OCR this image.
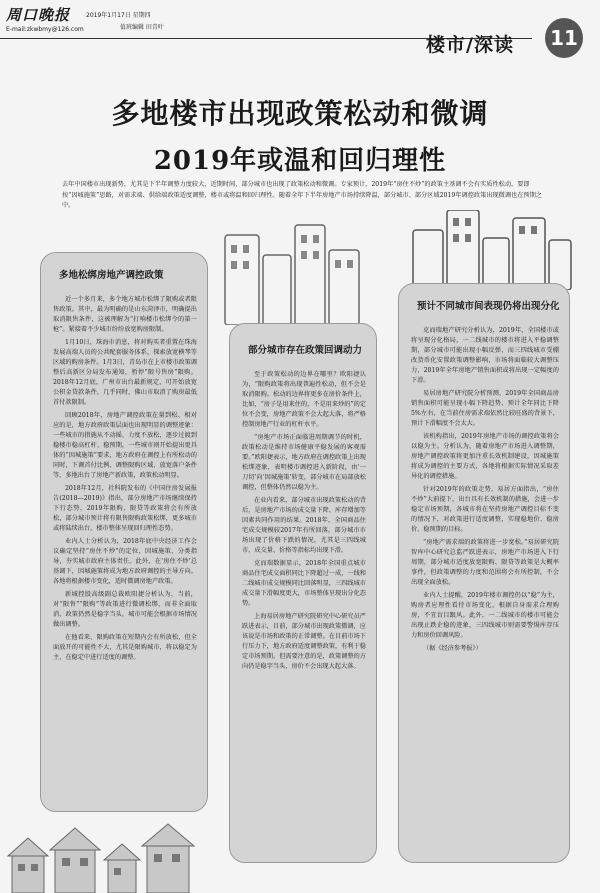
周口晚报
E-mail:zkwbmy@126.com
2019年1月17日 星期四
值班编辑 田青叶
楼市/深读 11
多地楼市出现政策松动和微调
2019年或温和回归理性
去年中国楼市出现新势，尤其是下半年调整力度较大，近期时间，部分城市也出现了政策松动和微调。专家预计，2019年“房住不炒”的政策主基调不会有实质性松动，要即按“因城施策”思路，对需求端、供给端政策适度调整，楼市或将温和回归理性。随着全年下半年房地产市场持续降温，部分城市、部分区域2019年调控政策出现微调也在预期之中。
多地松绑房地产调控政策

近一个多月来，多个地方城市松绑了限购或者限售政策。其中，最为明确的是山东菏泽市，明确提出取消限售条件，这被理解为“打响楼市松绑令的第一枪”。紧接着不少城市纷纷放宽购房限制。

1月10日，珠海市消息，将对购买者重置在珠海发展高端人员的公共配套服务体系，探索放宽横琴等区域的购房条件。1月3日，青岛市在上市楼市政策调整后高新区分局发布通知，暂停“限号售房”限购。2018年12月底，广州市出台最新规定，可开始放宽公积金贷款条件，几乎同时，佛山市取消了购房最低首付款限制。

回顾2018年，房地产调控政策在量到松、相对应的是，地方政府政策层面也出现明显的调整迹象：一些城市的措施从不动摇、力度不放松，逐步过渡到稳楼市稳高杠杆、稳预期，一些城市则开始提出更具体的“因城施策”要求，地方政府在调控上有所松动的同时，下调首付比例、调整限购区域、放宽落户条件等，多地出台了房地产新政策，政策松动明显。

2018年12月，社科院发布的《中国住房发展报告(2018—2019)》指出，部分房地产市场继续保持下行态势，2019年限购、限贷等政策将会有所放松，部分城市预计将有限售限购政策松绑，更多城市或将陆续出台，楼市整体呈现回归理性态势。

业内人士分析认为，2018年底中央经济工作会议确定坚持“房住不炒”的定位，因城施策、分类指导，夯实城市政府主体责任。此外，在‘房住不炒’总基调下，因城施策将成为地方政府调控的主导方向。各地将根据楼市变化，适时微调房地产政策。

新城控股高级副总裁欧阳捷分析认为，当前，对“限售”“限购”等政策进行微调松绑，而非全面取消，政策仍然是稳字当头，城市可能会根据市场情况做出调整。

在他看来，限购政策在短期内会有所放松，但全面放开的可能性不大，尤其是限购城市，将以稳定为主，在稳定中进行适度的调整。

部分城市存在政策回调动力

至于政策松动的边界在哪里？欧阳捷认为，“限购政策将出现普遍性松动，但不会是取消限购。松动的边界将更多在房价条件上，比如，“房子是用来住的，不是用来炒的”的定位不会变，房地产政策不会大起大落，将严格控制房地产行业的杠杆水平。

“房地产市场正面临进周期调节的时机，政策松动是维持市场健康平稳发展的客观需要。”欧阳捷表示，地方政府在调控政策上出现松绑迹象，表明楼市调控进入新阶段，由‘一刀切’向‘因城施策’转变，部分城市在局部放松调控，但整体仍然以稳为主。

在业内看来，部分城市出现政策松动的背后，是房地产市场的成交量下降、库存增加等因素共同作用的结果。2018年，全国商品住宅成交规模较2017年有所回落，部分城市市场出现了价格下跌的情况，尤其是三四线城市，成交量、价格等指标均出现下滑。

克而瑞数据显示，2018年全国重点城市商品住宅成交面积同比下降超过一成，一线和二线城市成交规模同比回落明显，三四线城市成交量下滑幅度更大，市场整体呈现出分化态势。

上海易居房地产研究院研究中心研究员严跃进表示，目前，部分城市出现政策微调，应该说是市场和政策的正常调整。在目前市场下行压力下，地方政府适度调整政策，有利于稳定市场预期。但需要注意的是，政策调整的方向仍是稳字当头，房价不会出现大起大落。

预计不同城市间表现仍将出现分化

克而瑞地产研究分析认为，2019年，全国楼市或将呈现分化格局，一二线城市的楼市将进入平稳调整期，部分城市可能出现小幅反弹，而三四线城市受棚改货币化安置政策调整影响，市场将面临较大调整压力，2019年全年房地产销售面积或将出现一定幅度的下滑。

易居房地产研究院分析预测，2019年全国商品房销售面积可能呈现小幅下降趋势，预计全年同比下降5%左右，在当前住房需求端依然比较旺盛的背景下，预计下滑幅度不会太大。

该机构指出，2019年房地产市场的调控政策将会以稳为主。分析认为，随着房地产市场进入调整期，房地产调控政策将更加注重长效机制建设，因城施策将成为调控的主要方式，各地将根据实际情况采取差异化的调控措施。

针对2019年的政策走势，易居方面指出，“房住不炒”大前提下，出台具有长效机制的措施，会进一步稳定市场预期，各城市将在坚持房地产调控目标不变的情况下，对政策进行适度调整，实现稳地价、稳房价、稳预期的目标。

“房地产需求端的政策将进一步宽松。”易居研究院智库中心研究总监严跃进表示，房地产市场进入下行周期，部分城市适度放宽限购、限贷等政策是大概率事件，但政策调整的力度和范围将会有所控制，不会出现全面放松。

业内人士提醒，2019年楼市调控仍以“稳”为主，购房者应理性看待市场变化，根据自身需求合理购房，不宜盲目跟风。此外，一二线城市的楼市可能会出现止跌企稳的迹象，三四线城市则需要警惕库存压力和房价回调风险。

（据《经济参考报》）
